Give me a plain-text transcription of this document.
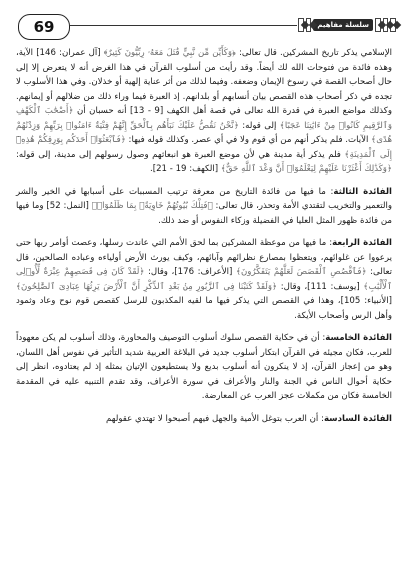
69	سلسلة مفاهيم

الإسلامي يذكر تاريخ المشركين. قال تعالى: ﴿وَكَأَيِّن مِّن نَّبِيٍّ قَٰتَلَ مَعَهُۥ رِبِّيُّونَ كَثِيرٌ﴾ [آل عمران: 146] الآية، وهذه فائدة من فتوحات الله لك أيضاً. وقد رأيت من أسلوب القرآن في هذا الغرض أنه لا يتعرض إلا إلى حال أصحاب القصة في رسوخ الإيمان وضعفه. وفيما لذلك من أثر عناية إلهية أو خذلان. وفي هذا الأسلوب لا تجده في ذكر أصحاب هذه القصص بيان أنسابهم أو بلدانهم. إذ العبرة فيما وراء ذلك من ضلالهم أو إيمانهم. وكذلك مواضع العبرة في قدرة الله تعالى في قصة أهل الكهف [9 - 13] أنه حسبان أن ﴿أَصْحَٰبَ ٱلْكَهْفِ وَٱلرَّقِيمِ كَانُوا۟ مِنْ ءَايَٰتِنَا عَجَبًا﴾ إلى قوله: ﴿نَّحْنُ نَقُصُّ عَلَيْكَ نَبَأَهُم بِٱلْحَقِّ إِنَّهُمْ فِتْيَةٌ ءَامَنُوا۟ بِرَبِّهِمْ وَزِدْنَٰهُمْ هُدًى﴾ الآيات. فلم يذكر أنهم من أي قوم ولا في أي عصر. وكذلك قوله فيها: ﴿فَٱبْعَثُوٓا۟ أَحَدَكُم بِوَرِقِكُمْ هَٰذِهِۦٓ إِلَى ٱلْمَدِينَةِ﴾ فلم يذكر أية مدينة هي لأن موضع العبرة هو انبعاثهم وصول رسولهم إلى مدينة، إلى قوله: ﴿وَكَذَٰلِكَ أَعْثَرْنَا عَلَيْهِمْ لِيَعْلَمُوٓا۟ أَنَّ وَعْدَ ٱللَّهِ حَقٌّ﴾ [الكهف: 19 - 21].

الفائدة الثالثة: ما فيها من فائدة التاريخ من معرفة ترتيب المسببات على أسبابها في الخير والشر والتعمير والتخريب لتقتدي الأمة وتحذر، قال تعالى: ﴿فَتِلْكَ بُيُوتُهُمْ خَاوِيَةًۢ بِمَا ظَلَمُوٓا۟﴾ [النمل: 52] وما فيها من فائدة ظهور المثل العليا في الفضيلة وزكاء النفوس أو ضد ذلك.

الفائدة الرابعة: ما فيها من موعظة المشركين بما لحق الأمم التي عاندت رسلها، وعصت أوامر ربها حتى يرعووا عن غلوائهم، ويتعظوا بمصارع نظرائهم وآبائهم، وكيف يورث الأرض أولياءه وعباده الصالحين، قال تعالى: ﴿فَٱقْصُصِ ٱلْقَصَصَ لَعَلَّهُمْ يَتَفَكَّرُونَ﴾ [الأعراف: 176]، وقال: ﴿لَقَدْ كَانَ فِى قَصَصِهِمْ عِبْرَةٌ لِّأُو۟لِى ٱلْأَلْبَٰبِ﴾ [يوسف: 111]، وقال: ﴿وَلَقَدْ كَتَبْنَا فِى ٱلزَّبُورِ مِنۢ بَعْدِ ٱلذِّكْرِ أَنَّ ٱلْأَرْضَ يَرِثُهَا عِبَادِىَ ٱلصَّٰلِحُونَ﴾ [الأنبياء: 105]، وهذا في القصص التي يذكر فيها ما لقيه المكذبون للرسل كقصص قوم نوح وعاد وثمود وأهل الرس وأصحاب الأيكة.

الفائدة الخامسة: أن في حكاية القصص سلوك أسلوب التوصيف والمحاورة، وذلك أسلوب لم يكن معهوداً للعرب، فكان مجيئه في القرآن ابتكار أسلوب جديد في البلاغة العربية شديد التأثير في نفوس أهل اللسان، وهو من إعجاز القرآن، إذ لا ينكرون أنه أسلوب بديع ولا يستطيعون الإتيان بمثله إذ لم يعتادوه، انظر إلى حكاية أحوال الناس في الجنة والنار والأعراف في سورة الأعراف، وقد تقدم التنبيه عليه في المقدمة الخامسة فكان من مكملات عجز العرب عن المعارضة.

الفائدة السادسة: أن العرب بتوغل الأمية والجهل فيهم أصبحوا لا تهتدي عقولهم
